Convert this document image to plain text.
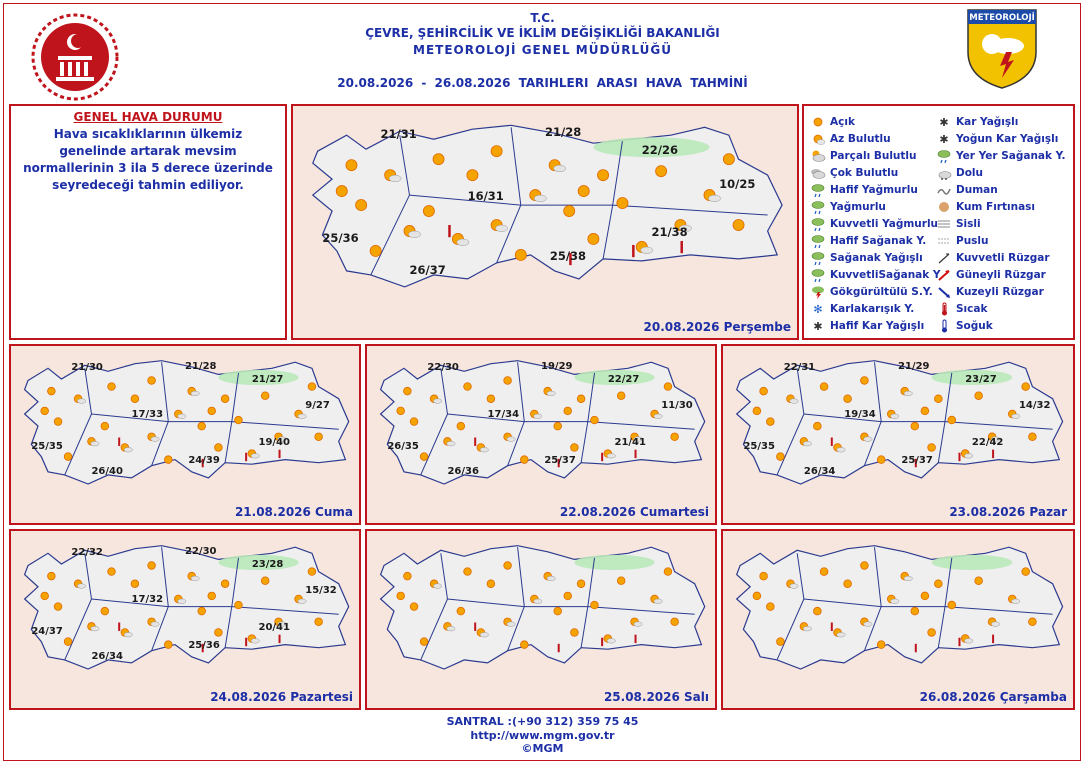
METEOROLOJİ
T.C.
ÇEVRE, ŞEHİRCİLİK VE İKLİM DEĞİŞİKLİĞİ BAKANLIĞI
METEOROLOJİ GENEL MÜDÜRLÜĞÜ
20.08.2026 - 26.08.2026 TARIHLERI ARASI HAVA TAHMİNİ
GENEL HAVA DURUMU
Hava sıcaklıklarının ülkemiz genelinde artarak mevsim normallerinin 3 ila 5 derece üzerinde seyredeceği tahmin ediliyor.
21/31	21/28
22/26
16/31
10/25
25/36	21/38
26/37
25/38
20.08.2026 Perşembe
Açık
Az Bulutlu
Parçalı Bulutlu
Çok Bulutlu
Hafif Yağmurlu
Yağmurlu
Kuvvetli Yağmurlu
Hafif Sağanak Y.
Sağanak Yağışlı
KuvvetliSağanak Y
Gökgürültülü S.Y.
✻ Karlakarışık Y.
✱ Hafif Kar Yağışlı
✱ Kar Yağışlı
✱ Yoğun Kar Yağışlı
Yer Yer Sağanak Y.
Dolu
Duman
Kum Fırtınası
Sisli
Puslu
Kuvvetli Rüzgar
Güneyli Rüzgar
Kuzeyli Rüzgar
Sıcak
Soğuk
21/30	21/28
21/27
17/33
9/27
25/35	19/40
26/40
24/39
21.08.2026 Cuma
22/30	19/29
22/27
17/34
11/30
26/35	21/41
26/36
25/37
22.08.2026 Cumartesi
22/31	21/29
23/27
19/34
14/32
25/35	22/42
26/34
25/37
23.08.2026 Pazar
22/32	22/30
23/28
17/32
15/32
24/37	20/41
26/34
25/36
24.08.2026 Pazartesi	25.08.2026 Salı	26.08.2026 Çarşamba
SANTRAL :(+90 312) 359 75 45
http://www.mgm.gov.tr
©MGM
